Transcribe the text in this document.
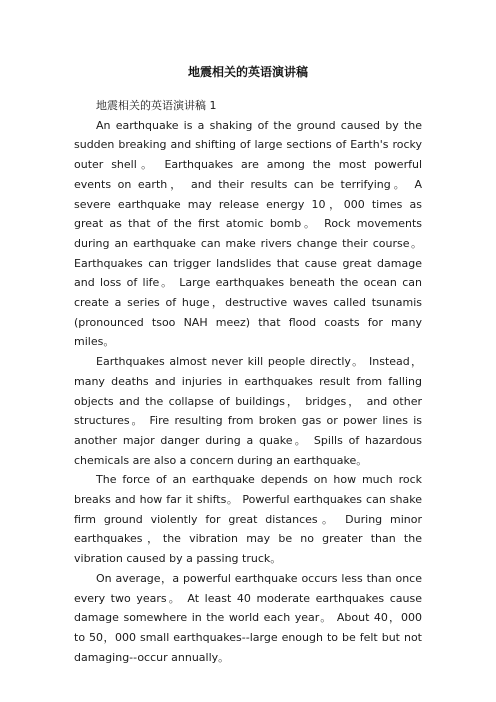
地震相关的英语演讲稿

地震相关的英语演讲稿 1

An earthquake is a shaking of the ground caused by the sudden breaking and shifting of large sections of Earth's rocky outer shell。 Earthquakes are among the most powerful events on earth， and their results can be terrifying。 A severe earthquake may release energy 10，000 times as great as that of the first atomic bomb。 Rock movements during an earthquake can make rivers change their course。 Earthquakes can trigger landslides that cause great damage and loss of life。 Large earthquakes beneath the ocean can create a series of huge，destructive waves called tsunamis (pronounced tsoo NAH meez) that flood coasts for many miles。

Earthquakes almost never kill people directly。 Instead，many deaths and injuries in earthquakes result from falling objects and the collapse of buildings， bridges， and other structures。 Fire resulting from broken gas or power lines is another major danger during a quake。 Spills of hazardous chemicals are also a concern during an earthquake。

The force of an earthquake depends on how much rock breaks and how far it shifts。 Powerful earthquakes can shake firm ground violently for great distances。 During minor earthquakes，the vibration may be no greater than the vibration caused by a passing truck。

On average，a powerful earthquake occurs less than once every two years。 At least 40 moderate earthquakes cause damage somewhere in the world each year。 About 40，000 to 50，000 small earthquakes--large enough to be felt but not damaging--occur annually。
